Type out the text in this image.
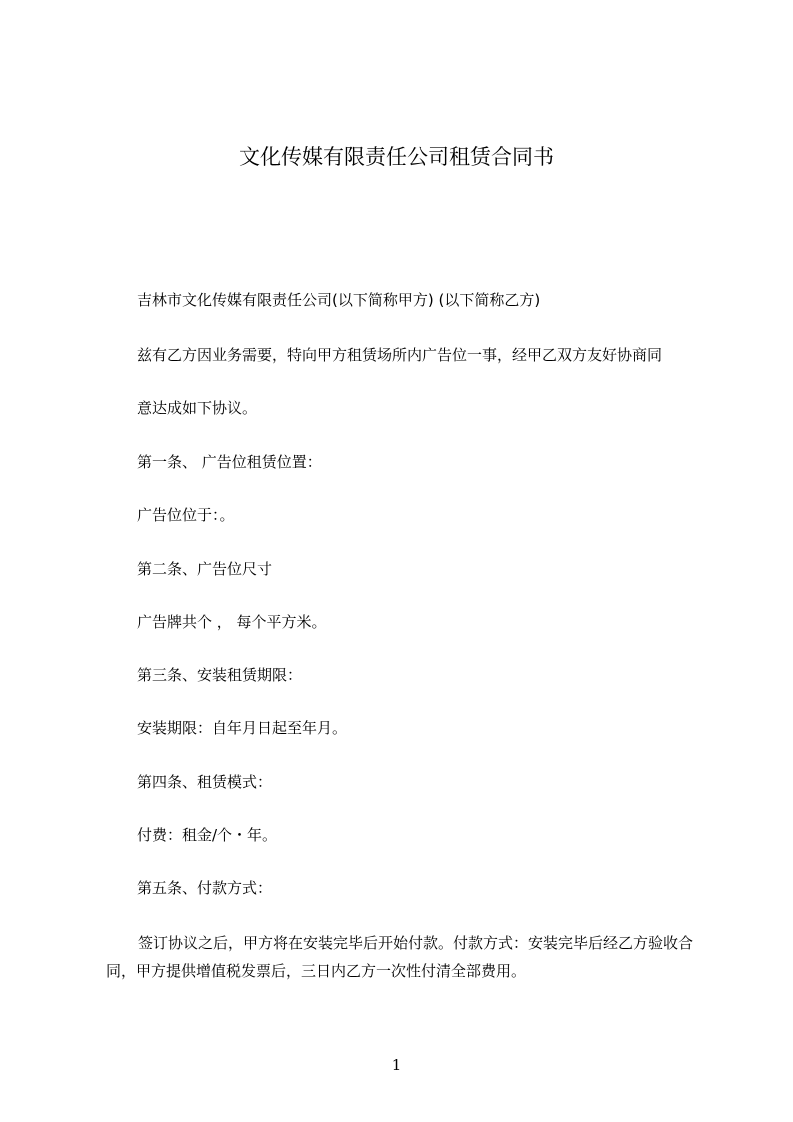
文化传媒有限责任公司租赁合同书
吉林市文化传媒有限责任公司(以下简称甲方) (以下简称乙方)
兹有乙方因业务需要，特向甲方租赁场所内广告位一事，经甲乙双方友好协商同
意达成如下协议。
第一条、 广告位租赁位置：
广告位位于：。
第二条、广告位尺寸
广告牌共个 ， 每个平方米。
第三条、安装租赁期限：
安装期限：自年月日起至年月。
第四条、租赁模式：
付费：租金/个・年。
第五条、付款方式：
签订协议之后，甲方将在安装完毕后开始付款。付款方式：安装完毕后经乙方验收合同，甲方提供增值税发票后，三日内乙方一次性付清全部费用。
1
